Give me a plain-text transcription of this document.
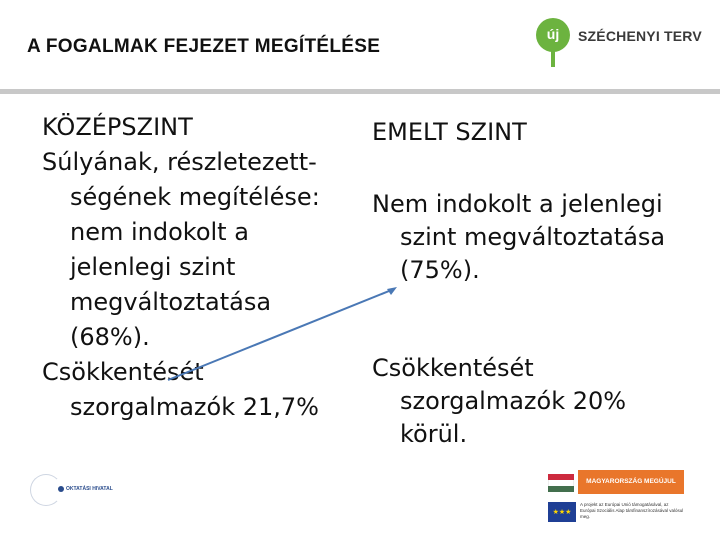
A FOGALMAK FEJEZET MEGÍTÉLÉSE
új	SZÉCHENYI TERV
KÖZÉPSZINT
Súlyának, részletezett-ségének megítélése: nem indokolt a jelenlegi szint megváltoztatása (68%).
Csökkentését szorgalmazók 21,7%
EMELT SZINT
Nem indokolt a jelenlegi szint megváltoztatása (75%).
Csökkentését szorgalmazók 20% körül.
OKTATÁSI HIVATAL
MAGYARORSZÁG MEGÚJUL
★★★
A projekt az Európai Unió támogatásával, az Európai Szociális Alap társfinanszírozásával valósul meg.
